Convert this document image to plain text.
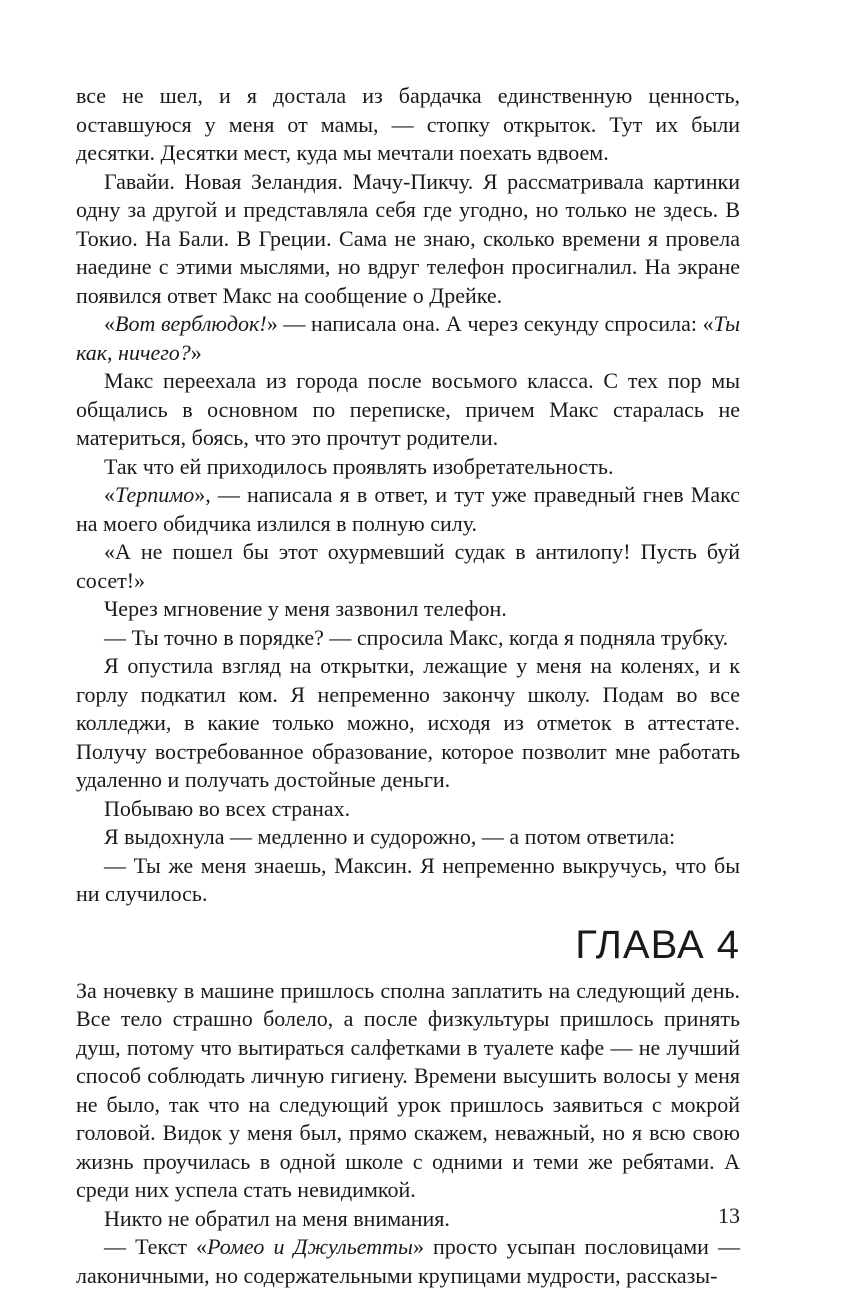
все не шел, и я достала из бардачка единственную ценность, оставшуюся у меня от мамы, — стопку открыток. Тут их были десятки. Десятки мест, куда мы мечтали поехать вдвоем.

Гавайи. Новая Зеландия. Мачу-Пикчу. Я рассматривала картинки одну за другой и представляла себя где угодно, но только не здесь. В Токио. На Бали. В Греции. Сама не знаю, сколько времени я провела наедине с этими мыслями, но вдруг телефон просигналил. На экране появился ответ Макс на сообщение о Дрейке.

«Вот верблюдок!» — написала она. А через секунду спросила: «Ты как, ничего?»

Макс переехала из города после восьмого класса. С тех пор мы общались в основном по переписке, причем Макс старалась не материться, боясь, что это прочтут родители.

Так что ей приходилось проявлять изобретательность.

«Терпимо», — написала я в ответ, и тут уже праведный гнев Макс на моего обидчика излился в полную силу.

«А не пошел бы этот охурмевший судак в антилопу! Пусть буй сосет!»

Через мгновение у меня зазвонил телефон.

— Ты точно в порядке? — спросила Макс, когда я подняла трубку.

Я опустила взгляд на открытки, лежащие у меня на коленях, и к горлу подкатил ком. Я непременно закончу школу. Подам во все колледжи, в какие только можно, исходя из отметок в аттестате. Получу востребованное образование, которое позволит мне работать удаленно и получать достойные деньги.

Побываю во всех странах.

Я выдохнула — медленно и судорожно, — а потом ответила:

— Ты же меня знаешь, Максин. Я непременно выкручусь, что бы ни случилось.

ГЛАВА 4

За ночевку в машине пришлось сполна заплатить на следующий день. Все тело страшно болело, а после физкультуры пришлось принять душ, потому что вытираться салфетками в туалете кафе — не лучший способ соблюдать личную гигиену. Времени высушить волосы у меня не было, так что на следующий урок пришлось заявиться с мокрой головой. Видок у меня был, прямо скажем, неважный, но я всю свою жизнь проучилась в одной школе с одними и теми же ребятами. А среди них успела стать невидимкой.

Никто не обратил на меня внимания.

— Текст «Ромео и Джульетты» просто усыпан пословицами — лаконичными, но содержательными крупицами мудрости, рассказы-

13
